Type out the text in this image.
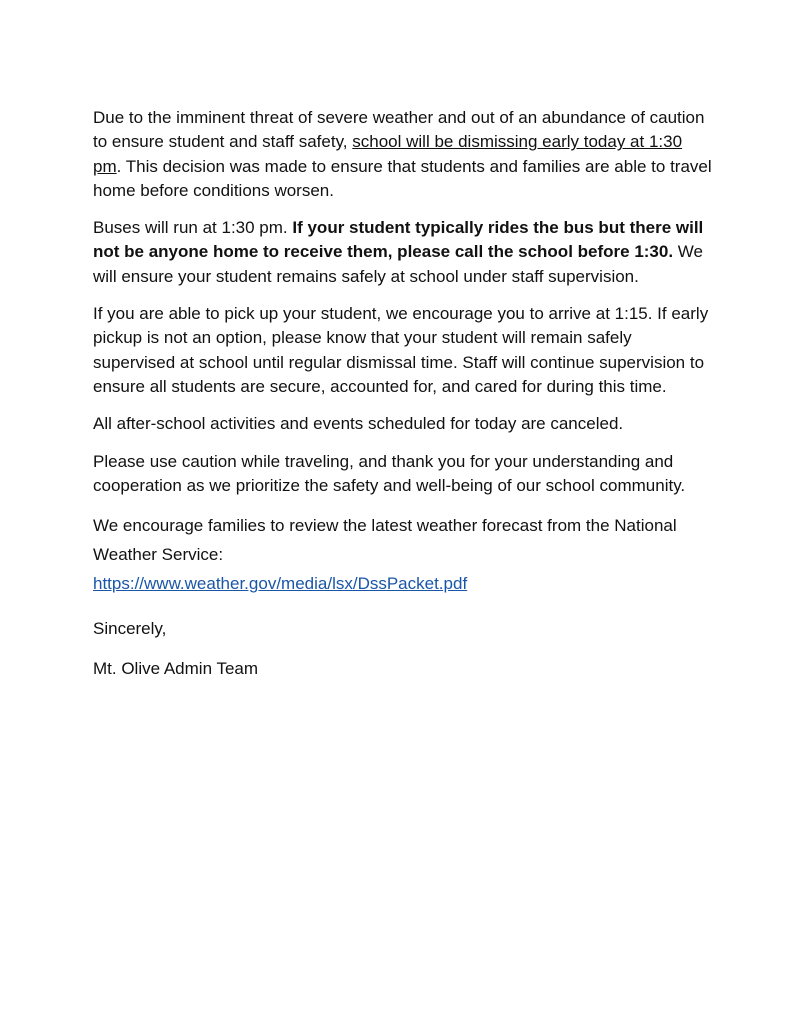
Due to the imminent threat of severe weather and out of an abundance of caution to ensure student and staff safety, school will be dismissing early today at 1:30 pm. This decision was made to ensure that students and families are able to travel home before conditions worsen.

Buses will run at 1:30 pm. If your student typically rides the bus but there will not be anyone home to receive them, please call the school before 1:30. We will ensure your student remains safely at school under staff supervision.

If you are able to pick up your student, we encourage you to arrive at 1:15. If early pickup is not an option, please know that your student will remain safely supervised at school until regular dismissal time. Staff will continue supervision to ensure all students are secure, accounted for, and cared for during this time.

All after-school activities and events scheduled for today are canceled.

Please use caution while traveling, and thank you for your understanding and cooperation as we prioritize the safety and well-being of our school community.

We encourage families to review the latest weather forecast from the National Weather Service:

https://www.weather.gov/media/lsx/DssPacket.pdf

Sincerely,

Mt. Olive Admin Team
